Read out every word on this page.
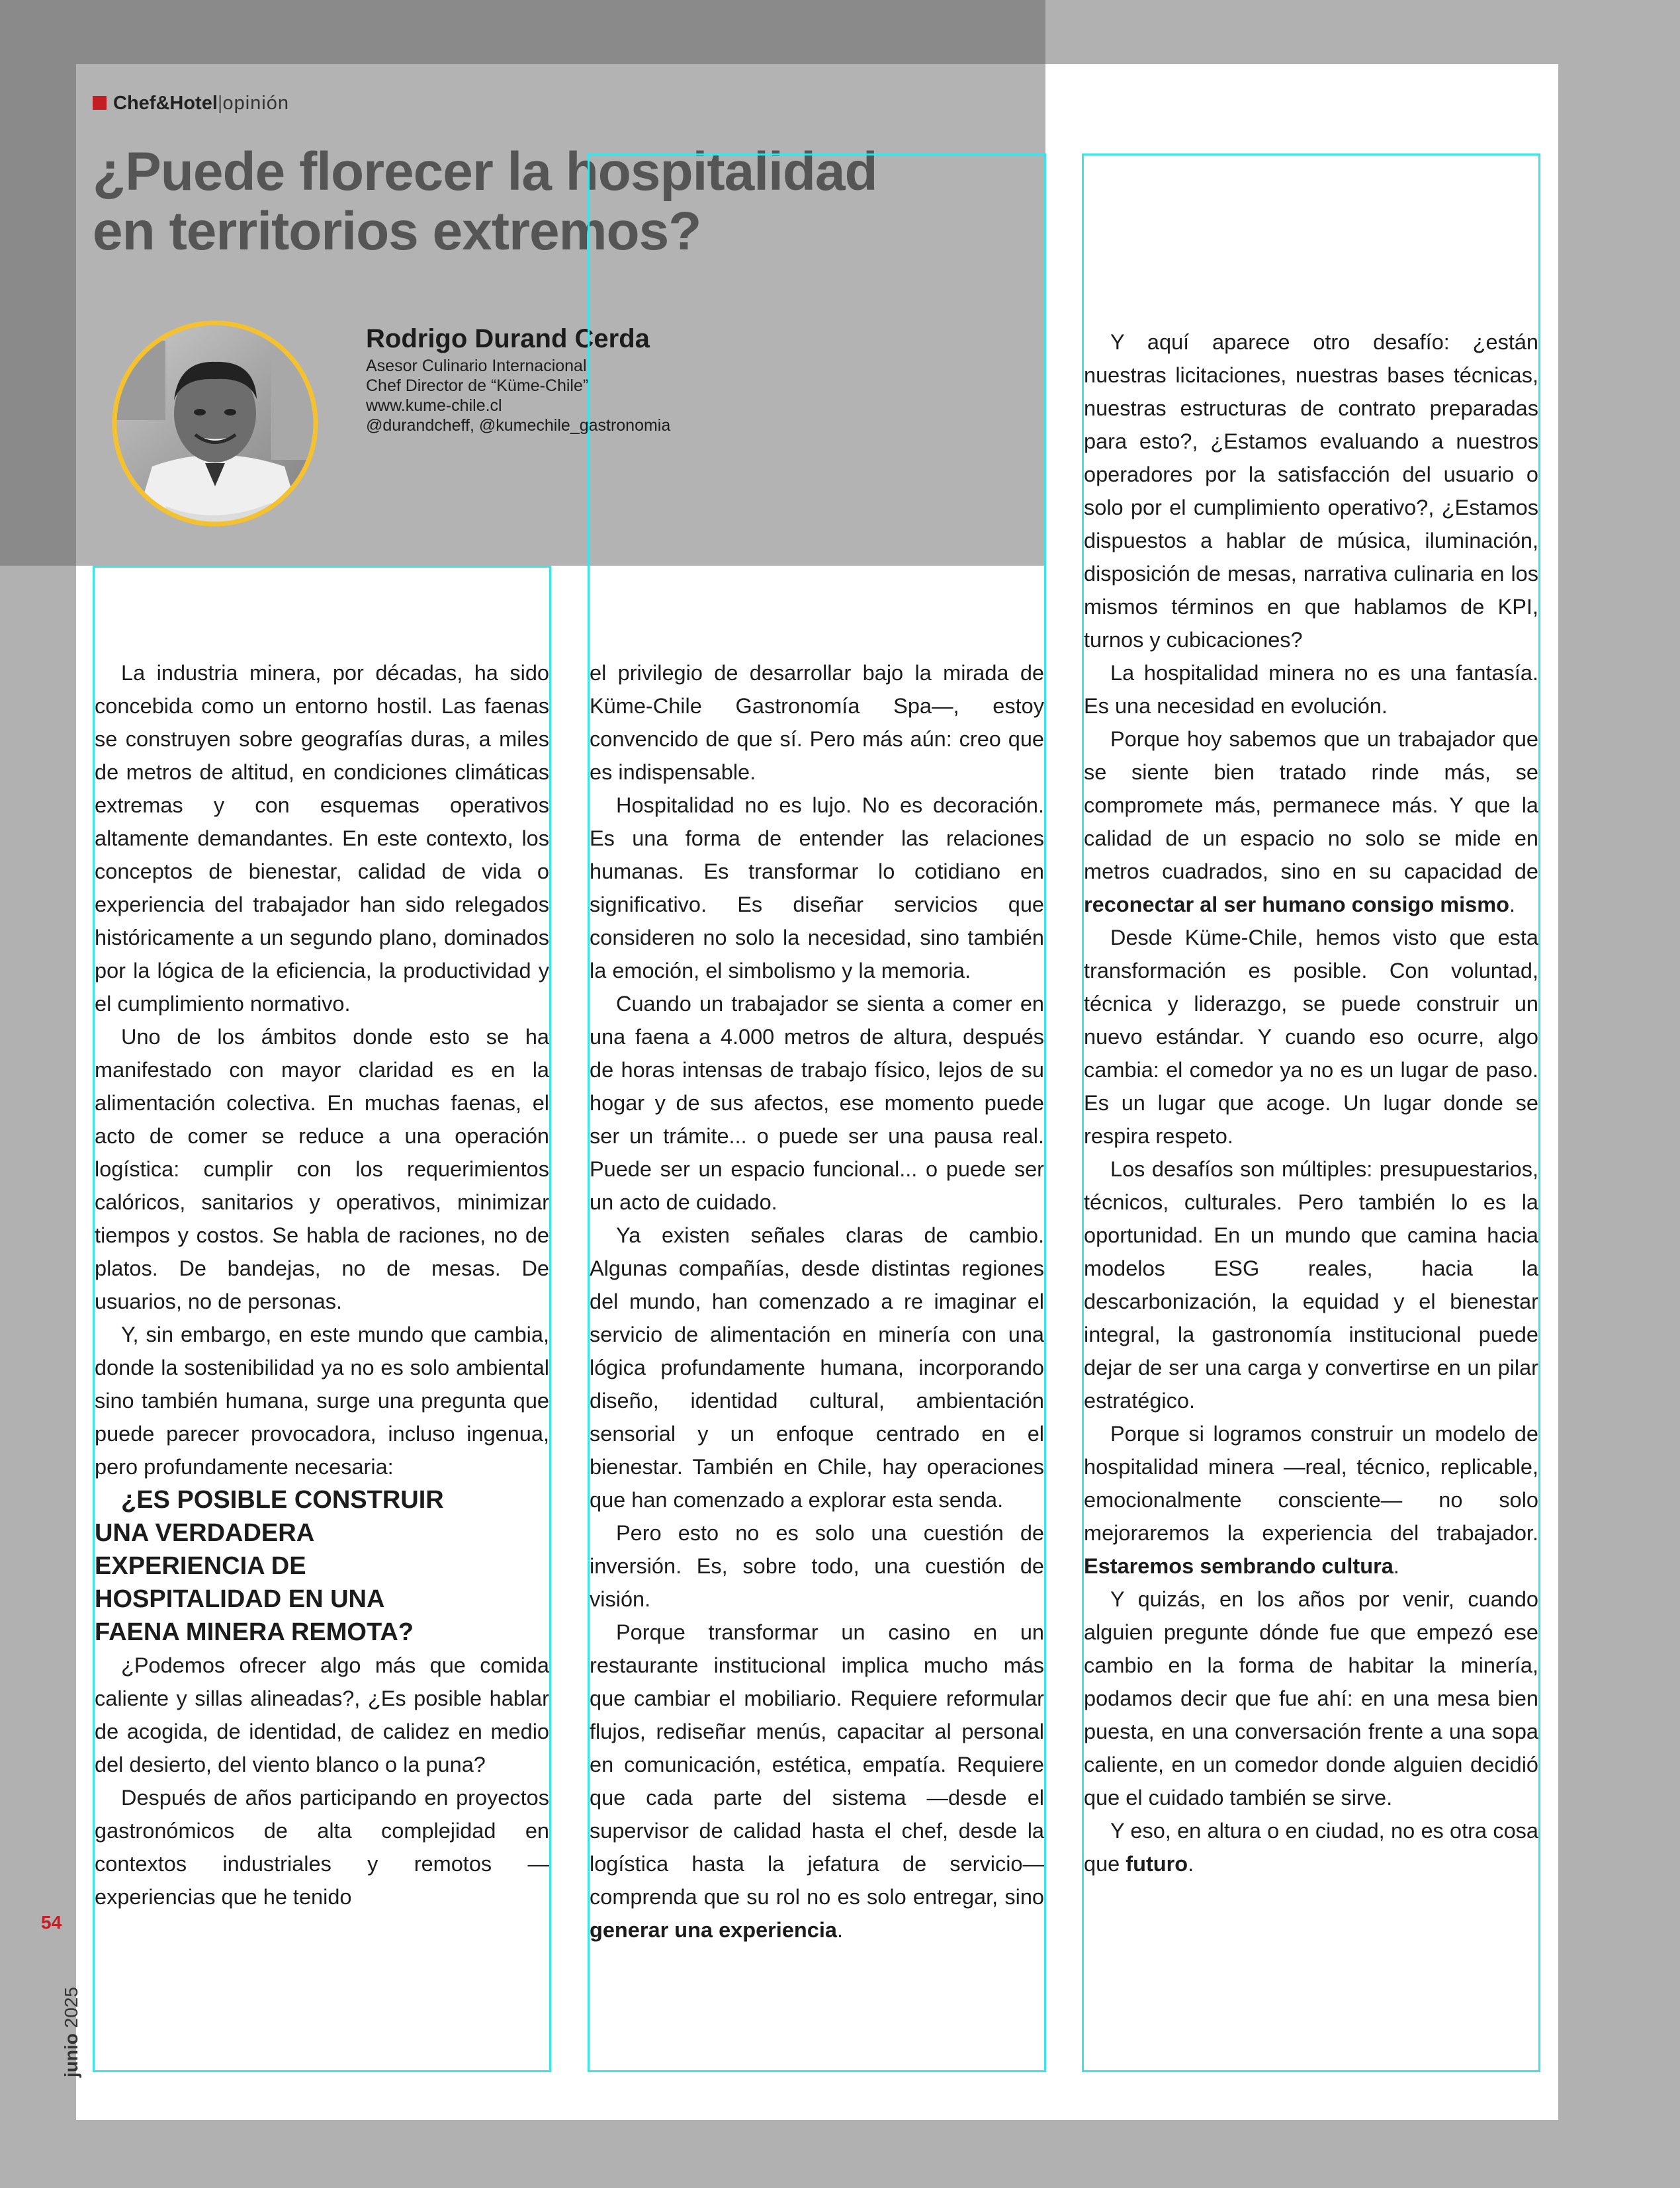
Chef&Hotel|opinión
¿Puede florecer la hospitalidad
en territorios extremos?
Rodrigo Durand Cerda
Asesor Culinario Internacional
Chef Director de “Küme-Chile”
www.kume-chile.cl
@durandcheff, @kumechile_gastronomia

La industria minera, por décadas, ha sido concebida como un entorno hostil. Las faenas se construyen sobre geografías duras, a miles de metros de altitud, en condiciones climáticas extremas y con esquemas operativos altamente demandantes. En este contexto, los conceptos de bienestar, calidad de vida o experiencia del trabajador han sido relegados históricamente a un segundo plano, dominados por la lógica de la eficiencia, la productividad y el cumplimiento normativo.

Uno de los ámbitos donde esto se ha manifestado con mayor claridad es en la alimentación colectiva. En muchas faenas, el acto de comer se reduce a una operación logística: cumplir con los requerimientos calóricos, sanitarios y operativos, minimizar tiempos y costos. Se habla de raciones, no de platos. De bandejas, no de mesas. De usuarios, no de personas.

Y, sin embargo, en este mundo que cambia, donde la sostenibilidad ya no es solo ambiental sino también humana, surge una pregunta que puede parecer provocadora, incluso ingenua, pero profundamente necesaria:

¿ES POSIBLE CONSTRUIR
UNA VERDADERA
EXPERIENCIA DE
HOSPITALIDAD EN UNA
FAENA MINERA REMOTA?

¿Podemos ofrecer algo más que comida caliente y sillas alineadas?, ¿Es posible hablar de acogida, de identidad, de calidez en medio del desierto, del viento blanco o la puna?

Después de años participando en proyectos gastronómicos de alta complejidad en contextos industriales y remotos —experiencias que he tenido

el privilegio de desarrollar bajo la mirada de Küme-Chile Gastronomía Spa—, estoy convencido de que sí. Pero más aún: creo que es indispensable.

Hospitalidad no es lujo. No es decoración. Es una forma de entender las relaciones humanas. Es transformar lo cotidiano en significativo. Es diseñar servicios que consideren no solo la necesidad, sino también la emoción, el simbolismo y la memoria.

Cuando un trabajador se sienta a comer en una faena a 4.000 metros de altura, después de horas intensas de trabajo físico, lejos de su hogar y de sus afectos, ese momento puede ser un trámite... o puede ser una pausa real. Puede ser un espacio funcional... o puede ser un acto de cuidado.

Ya existen señales claras de cambio. Algunas compañías, desde distintas regiones del mundo, han comenzado a re imaginar el servicio de alimentación en minería con una lógica profundamente humana, incorporando diseño, identidad cultural, ambientación sensorial y un enfoque centrado en el bienestar. También en Chile, hay operaciones que han comenzado a explorar esta senda.

Pero esto no es solo una cuestión de inversión. Es, sobre todo, una cuestión de visión.

Porque transformar un casino en un restaurante institucional implica mucho más que cambiar el mobiliario. Requiere reformular flujos, rediseñar menús, capacitar al personal en comunicación, estética, empatía. Requiere que cada parte del sistema —desde el supervisor de calidad hasta el chef, desde la logística hasta la jefatura de servicio— comprenda que su rol no es solo entregar, sino generar una experiencia.

Y aquí aparece otro desafío: ¿están nuestras licitaciones, nuestras bases técnicas, nuestras estructuras de contrato preparadas para esto?, ¿Estamos evaluando a nuestros operadores por la satisfacción del usuario o solo por el cumplimiento operativo?, ¿Estamos dispuestos a hablar de música, iluminación, disposición de mesas, narrativa culinaria en los mismos términos en que hablamos de KPI, turnos y cubicaciones?

La hospitalidad minera no es una fantasía. Es una necesidad en evolución.

Porque hoy sabemos que un trabajador que se siente bien tratado rinde más, se compromete más, permanece más. Y que la calidad de un espacio no solo se mide en metros cuadrados, sino en su capacidad de reconectar al ser humano consigo mismo.

Desde Küme-Chile, hemos visto que esta transformación es posible. Con voluntad, técnica y liderazgo, se puede construir un nuevo estándar. Y cuando eso ocurre, algo cambia: el comedor ya no es un lugar de paso. Es un lugar que acoge. Un lugar donde se respira respeto.

Los desafíos son múltiples: presupuestarios, técnicos, culturales. Pero también lo es la oportunidad. En un mundo que camina hacia modelos ESG reales, hacia la descarbonización, la equidad y el bienestar integral, la gastronomía institucional puede dejar de ser una carga y convertirse en un pilar estratégico.

Porque si logramos construir un modelo de hospitalidad minera —real, técnico, replicable, emocionalmente consciente— no solo mejoraremos la experiencia del trabajador. Estaremos sembrando cultura.

Y quizás, en los años por venir, cuando alguien pregunte dónde fue que empezó ese cambio en la forma de habitar la minería, podamos decir que fue ahí: en una mesa bien puesta, en una conversación frente a una sopa caliente, en un comedor donde alguien decidió que el cuidado también se sirve.

Y eso, en altura o en ciudad, no es otra cosa que futuro.

54
junio 2025
